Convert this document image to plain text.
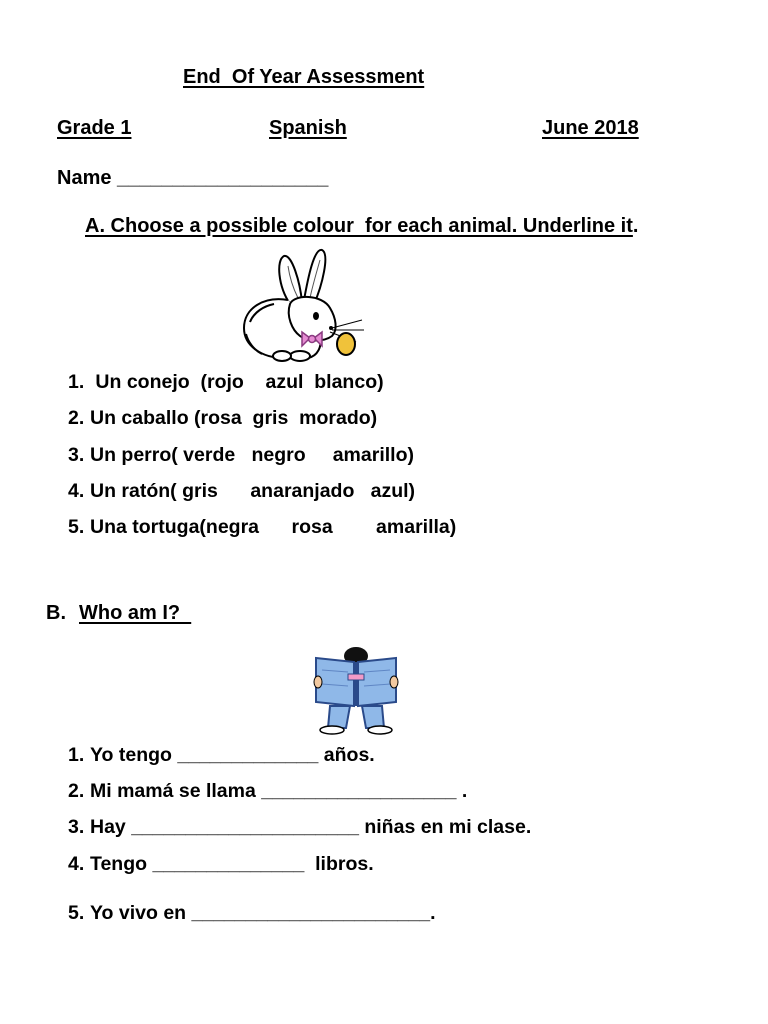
End  Of Year Assessment
Grade 1	Spanish	June 2018
Name ___________________
A. Choose a possible colour  for each animal. Underline it.
1. Un conejo  (rojo    azul  blanco)
2. Un caballo (rosa  gris  morado)
3. Un perro( verde   negro     amarillo)
4. Un ratón( gris      anaranjado   azul)
5. Una tortuga(negra      rosa        amarilla)
B. Who am I?
1. Yo tengo _____________ años.
2. Mi mamá se llama __________________ .
3. Hay _____________________ niñas en mi clase.
4. Tengo ______________  libros.
5. Yo vivo en ______________________.
